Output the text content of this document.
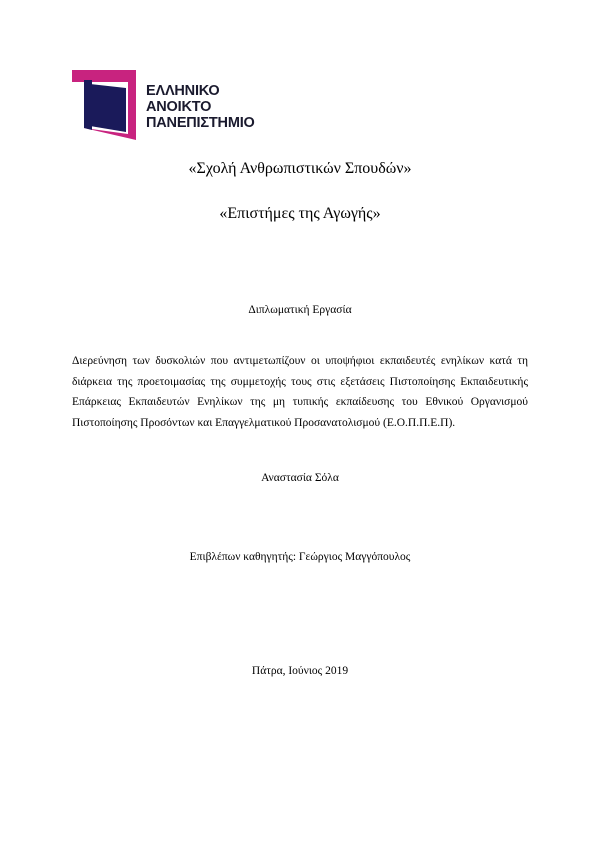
ΕΛΛΗΝΙΚΟ
ΑΝΟΙΚΤΟ
ΠΑΝΕΠΙΣΤΗΜΙΟ
«Σχολή Ανθρωπιστικών Σπουδών»
«Επιστήμες της Αγωγής»
Διπλωματική Εργασία
Διερεύνηση των δυσκολιών που αντιμετωπίζουν οι υποψήφιοι εκπαιδευτές ενηλίκων κατά τη διάρκεια της προετοιμασίας της συμμετοχής τους στις εξετάσεις Πιστοποίησης Εκπαιδευτικής Επάρκειας Εκπαιδευτών Ενηλίκων της μη τυπικής εκπαίδευσης του Εθνικού Οργανισμού Πιστοποίησης Προσόντων και Επαγγελματικού Προσανατολισμού (Ε.Ο.Π.Π.Ε.Π).
Αναστασία Σόλα
Επιβλέπων καθηγητής: Γεώργιος Μαγγόπουλος
Πάτρα, Ιούνιος 2019
